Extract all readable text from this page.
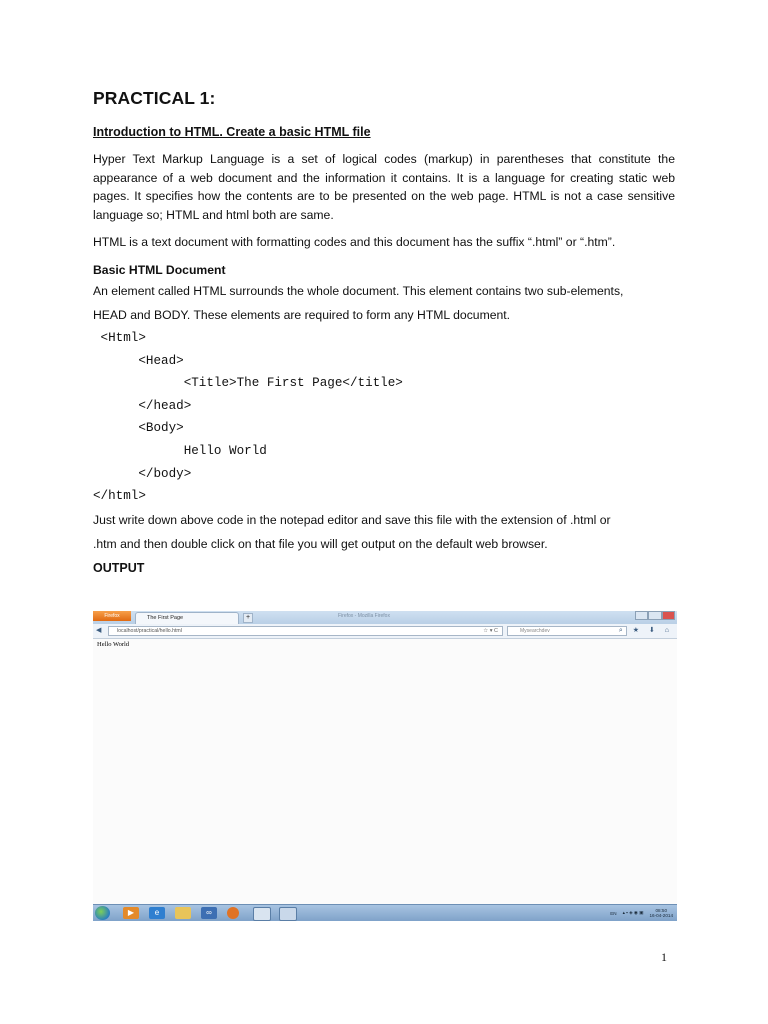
PRACTICAL 1:
Introduction to HTML. Create a basic HTML file

Hyper Text Markup Language is a set of logical codes (markup) in parentheses that constitute the appearance of a web document and the information it contains. It is a language for creating static web pages. It specifies how the contents are to be presented on the web page. HTML is not a case sensitive language so; HTML and html both are same.

HTML is a text document with formatting codes and this document has the suffix “.html” or “.htm”.

Basic HTML Document

An element called HTML surrounds the whole document. This element contains two sub-elements,

HEAD and BODY. These elements are required to form any HTML document.

<Html>
<Head>
<Title>The First Page</title>
</head>
<Body>
Hello World
</body>
</html>

Just write down above code in the notepad editor and save this file with the extension of .html or

.htm and then double click on that file you will get output on the default web browser.

OUTPUT
Firefox	The First Page	+	Firefox - Mozilla Firefox
◀	localhost/practical/hello.html	☆ ▾ C	Mysearchdev	⌕ ★ ⬇ ⌂
Hello World
▶	e	∞	EN ▴ ▪ ◈ ◉ ▣	08:50
16-04-2014
1
